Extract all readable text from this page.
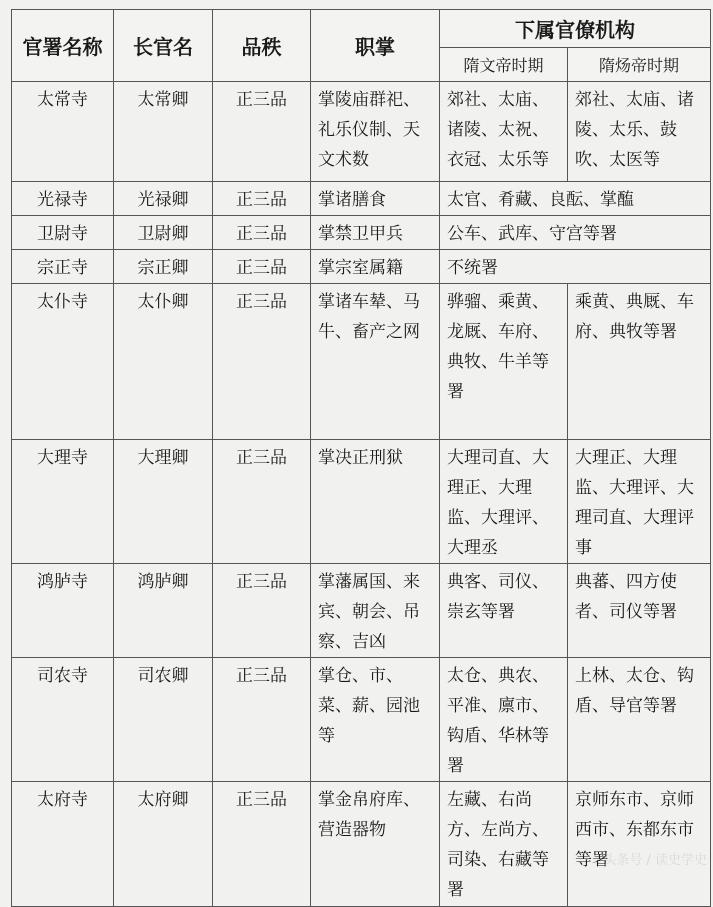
官署名称	长官名	品秩	职掌	下属官僚机构	
				隋文帝时期	隋炀帝时期
太常寺	太常卿	正三品	掌陵庙群祀、礼乐仪制、天文术数	郊社、太庙、诸陵、太祝、衣冠、太乐等	郊社、太庙、诸陵、太乐、鼓吹、太医等
光禄寺	光禄卿	正三品	掌诸膳食	太官、肴藏、良酝、掌醢	
卫尉寺	卫尉卿	正三品	掌禁卫甲兵	公车、武库、守宫等署	
宗正寺	宗正卿	正三品	掌宗室属籍	不统署	
太仆寺	太仆卿	正三品	掌诸车辇、马牛、畜产之网	骅骝、乘黄、龙厩、车府、典牧、牛羊等署	乘黄、典厩、车府、典牧等署
大理寺	大理卿	正三品	掌决正刑狱	大理司直、大理正、大理监、大理评、大理丞	大理正、大理监、大理评、大理司直、大理评事
鸿胪寺	鸿胪卿	正三品	掌藩属国、来宾、朝会、吊察、吉凶	典客、司仪、崇玄等署	典蕃、四方使者、司仪等署
司农寺	司农卿	正三品	掌仓、市、菜、薪、园池等	太仓、典农、平准、廪市、钩盾、华林等署	上林、太仓、钩盾、导官等署
太府寺	太府卿	正三品	掌金帛府库、营造器物	左藏、右尚方、左尚方、司染、右藏等署	京师东市、京师西市、东都东市等署
头条号 / 读史学史
